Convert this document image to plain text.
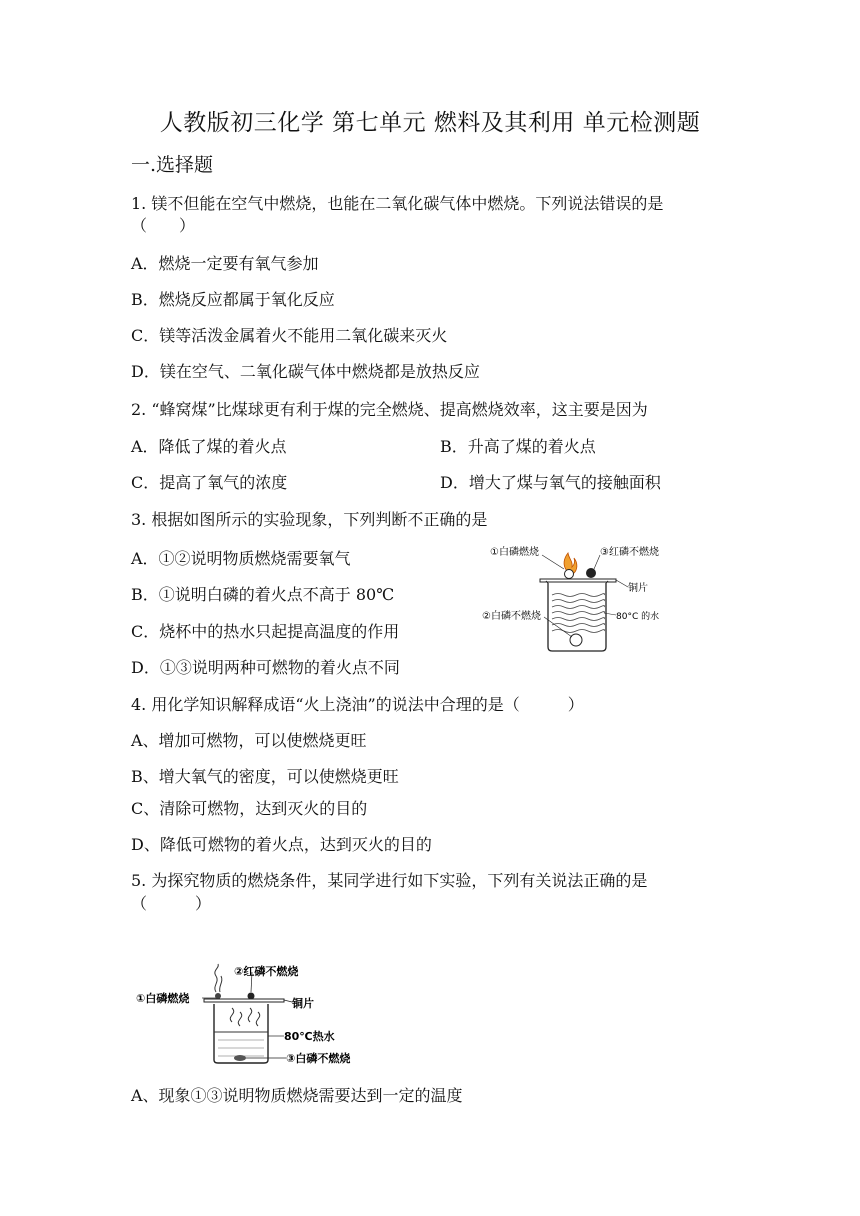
人教版初三化学 第七单元 燃料及其利用 单元检测题
一.选择题
1. 镁不但能在空气中燃烧，也能在二氧化碳气体中燃烧。下列说法错误的是
（　　）
A．燃烧一定要有氧气参加
B．燃烧反应都属于氧化反应
C．镁等活泼金属着火不能用二氧化碳来灭火
D．镁在空气、二氧化碳气体中燃烧都是放热反应
2. “蜂窝煤”比煤球更有利于煤的完全燃烧、提高燃烧效率，这主要是因为
A．降低了煤的着火点	B．升高了煤的着火点
C．提高了氧气的浓度	D．增大了煤与氧气的接触面积
3. 根据如图所示的实验现象，下列判断不正确的是
A．①②说明物质燃烧需要氧气
B．①说明白磷的着火点不高于 80℃
C．烧杯中的热水只起提高温度的作用
D．①③说明两种可燃物的着火点不同
①白磷燃烧	③红磷不燃烧
铜片
②白磷不燃烧	80°C 的水
4. 用化学知识解释成语“火上浇油”的说法中合理的是（　　　）
A、增加可燃物，可以使燃烧更旺
B、增大氧气的密度，可以使燃烧更旺
C、清除可燃物，达到灭火的目的
D、降低可燃物的着火点，达到灭火的目的
5. 为探究物质的燃烧条件，某同学进行如下实验，下列有关说法正确的是
（　　　）
①白磷燃烧
②红磷不燃烧
铜片
80℃热水
③白磷不燃烧
A、现象①③说明物质燃烧需要达到一定的温度
